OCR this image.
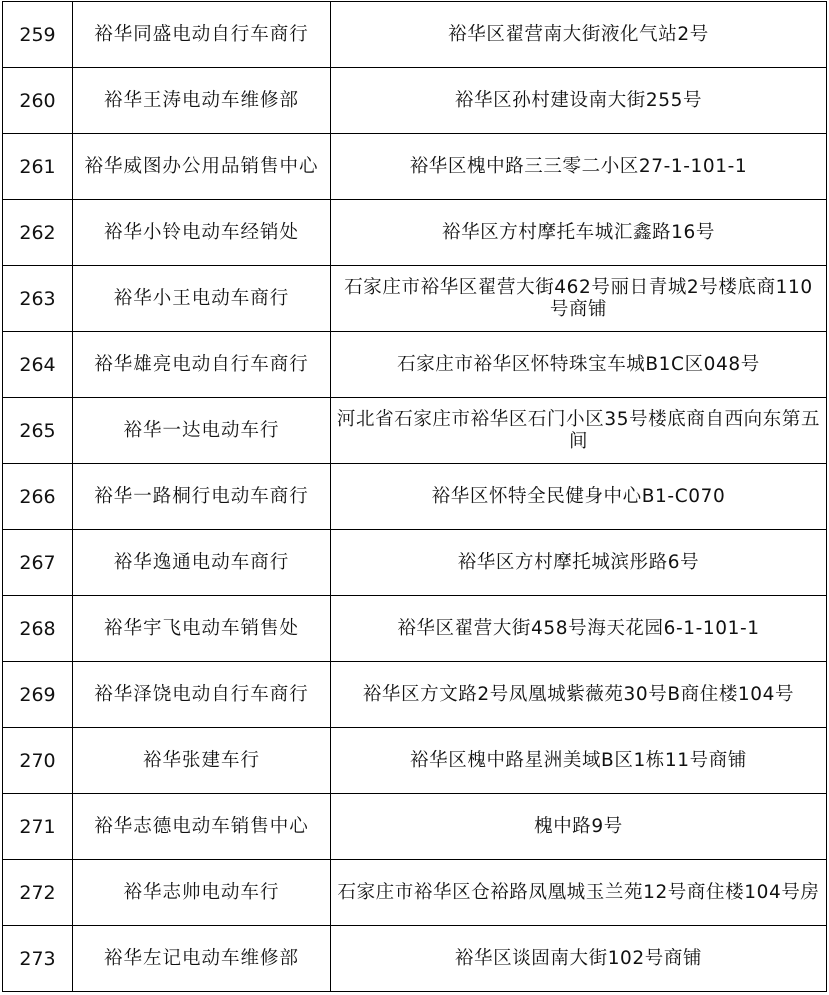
259	裕华同盛电动自行车商行	裕华区翟营南大街液化气站2号
260	裕华王涛电动车维修部	裕华区孙村建设南大街255号
261	裕华威图办公用品销售中心	裕华区槐中路三三零二小区27-1-101-1
262	裕华小铃电动车经销处	裕华区方村摩托车城汇鑫路16号
263	裕华小王电动车商行	石家庄市裕华区翟营大街462号丽日青城2号楼底商110号商铺
264	裕华雄亮电动自行车商行	石家庄市裕华区怀特珠宝车城B1C区048号
265	裕华一达电动车行	河北省石家庄市裕华区石门小区35号楼底商自西向东第五间
266	裕华一路桐行电动车商行	裕华区怀特全民健身中心B1-C070
267	裕华逸通电动车商行	裕华区方村摩托城滨彤路6号
268	裕华宇飞电动车销售处	裕华区翟营大街458号海天花园6-1-101-1
269	裕华泽饶电动自行车商行	裕华区方文路2号凤凰城紫薇苑30号B商住楼104号
270	裕华张建车行	裕华区槐中路星洲美域B区1栋11号商铺
271	裕华志德电动车销售中心	槐中路9号
272	裕华志帅电动车行	石家庄市裕华区仓裕路凤凰城玉兰苑12号商住楼104号房
273	裕华左记电动车维修部	裕华区谈固南大街102号商铺
